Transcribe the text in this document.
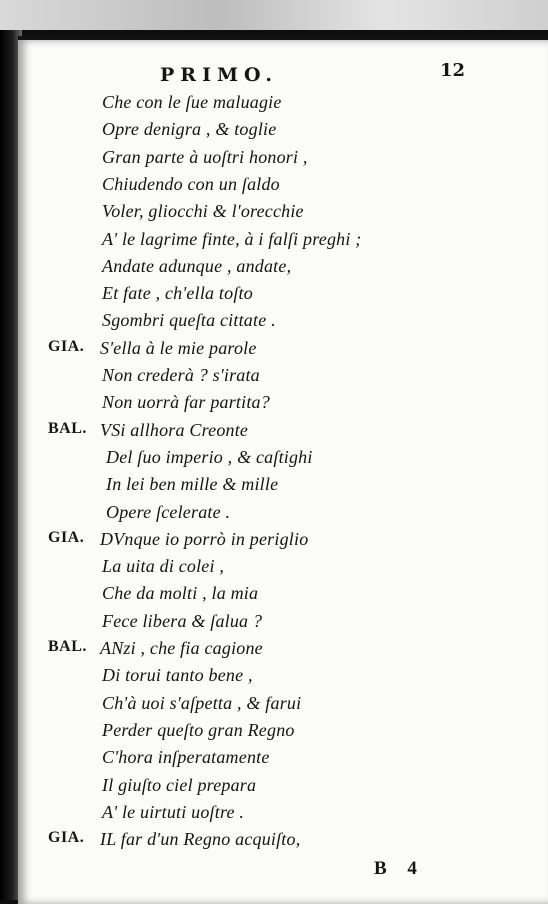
PRIMO.	12
Che con le ſue maluagie
Opre denigra , & toglie
Gran parte à uoſtri honori ,
Chiudendo con un ſaldo
Voler, gliocchi & l'orecchie
A' le lagrime finte, à i falſi preghi ;
Andate adunque , andate,
Et fate , ch'ella toſto
Sgombri queſta cittate .
GIA. S'ella à le mie parole
Non crederà ? s'irata
Non uorrà far partita?
BAL. VSi allhora Creonte
Del ſuo imperio , & caſtighi
In lei ben mille & mille
Opere ſcelerate .
GIA. DVnque io porrò in periglio
La uita di colei ,
Che da molti , la mia
Fece libera & ſalua ?
BAL. ANzi , che fia cagione
Di torui tanto bene ,
Ch'à uoi s'aſpetta , & farui
Perder queſto gran Regno
C'hora inſperatamente
Il giuſto ciel prepara
A' le uirtuti uoſtre .
GIA. IL far d'un Regno acquiſto,
B 4
